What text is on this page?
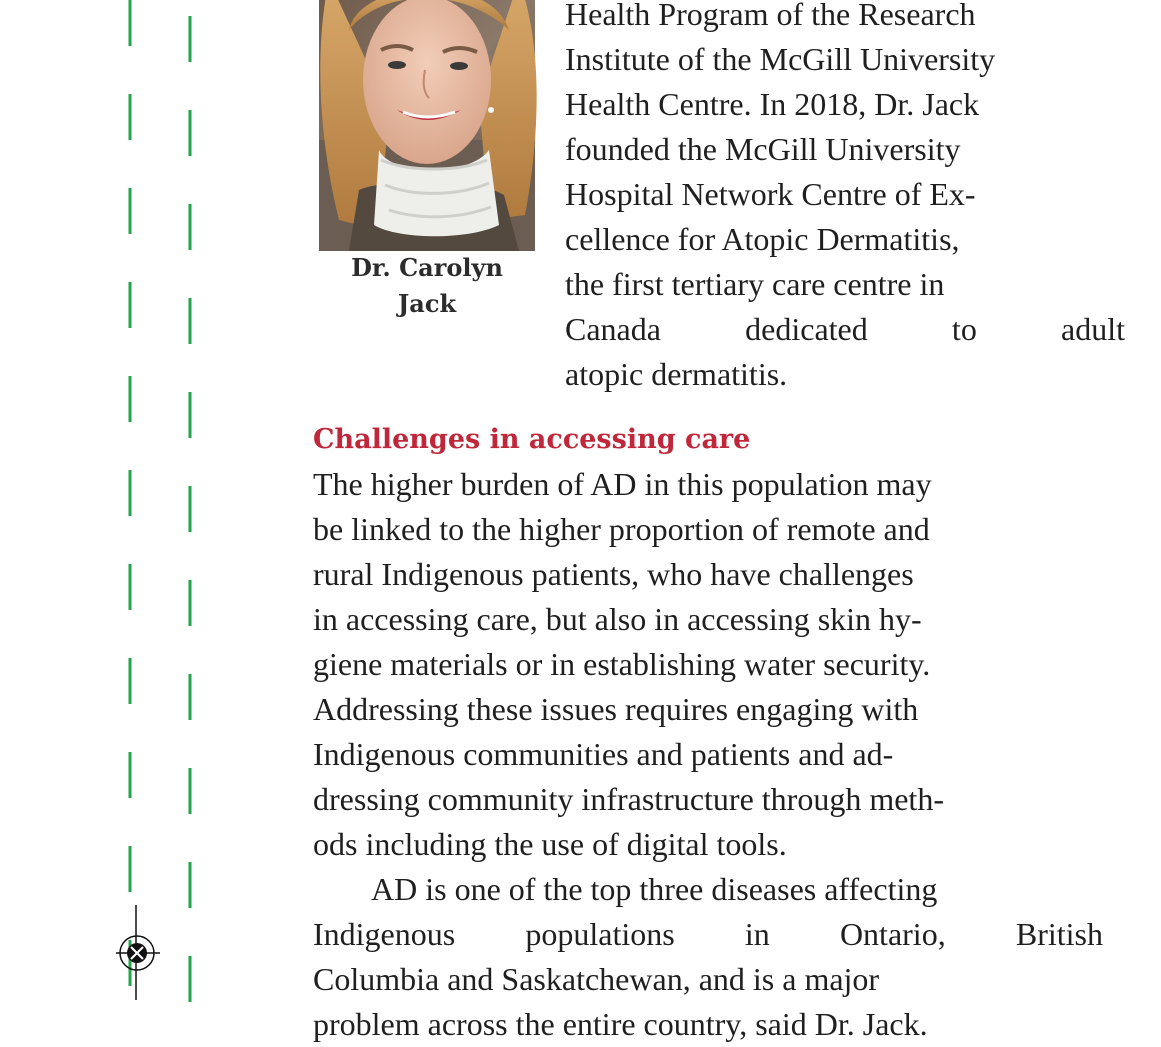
Dr. Carolyn
Jack
Health Program of the Research
Institute of the McGill University
Health Centre. In 2018, Dr. Jack
founded the McGill University
Hospital Network Centre of Ex-
cellence for Atopic Dermatitis,
the first tertiary care centre in
Canada	dedicated	to	adult
atopic dermatitis.
Challenges in accessing care
The higher burden of AD in this population may
be linked to the higher proportion of remote and
rural Indigenous patients, who have challenges
in accessing care, but also in accessing skin hy-
giene materials or in establishing water security.
Addressing these issues requires engaging with
Indigenous communities and patients and ad-
dressing community infrastructure through meth-
ods including the use of digital tools.
AD is one of the top three diseases affecting
Indigenous populations in Ontario, British
Columbia and Saskatchewan, and is a major
problem across the entire country, said Dr. Jack.
